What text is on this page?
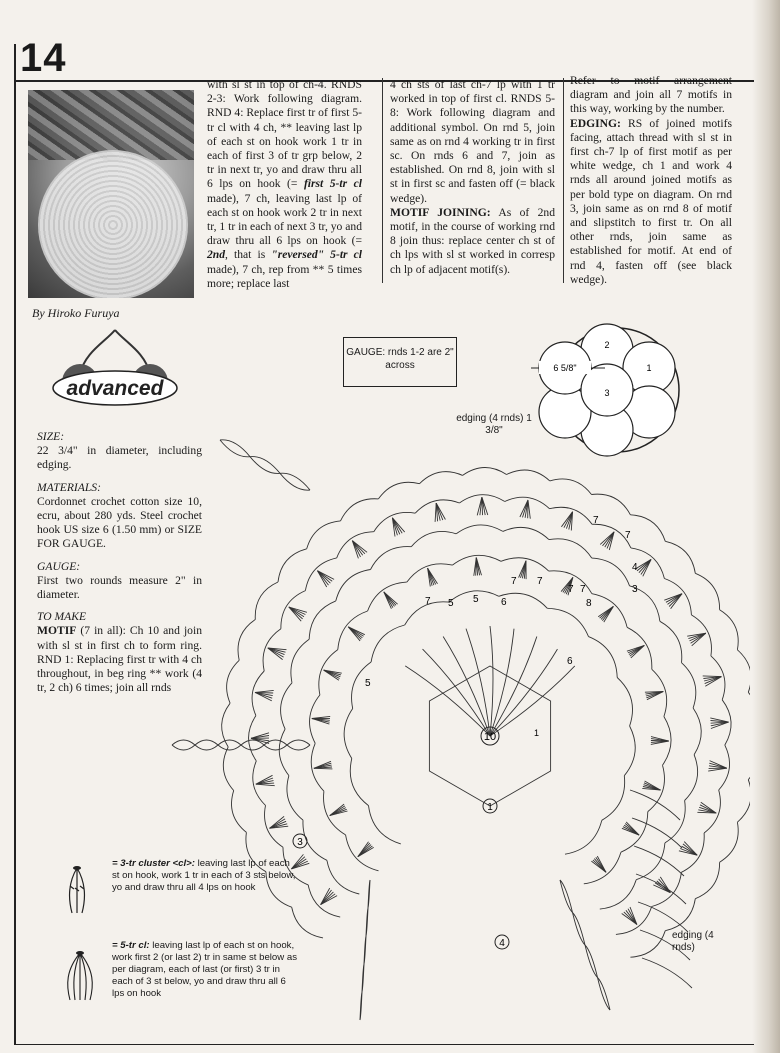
14
By Hiroko Furuya
advanced
SIZE:
22 3/4" in diameter, including edging.
MATERIALS:
Cordonnet crochet cotton size 10, ecru, about 280 yds. Steel crochet hook US size 6 (1.50 mm) or SIZE FOR GAUGE.
GAUGE:
First two rounds measure 2" in diameter.
TO MAKE
MOTIF (7 in all): Ch 10 and join with sl st in first ch to form ring. RND 1: Replacing first tr with 4 ch throughout, in beg ring ** work (4 tr, 2 ch) 6 times; join all rnds
with sl st in top of ch-4. RNDS 2-3: Work following diagram. RND 4: Replace first tr of first 5-tr cl with 4 ch, ** leaving last lp of each st on hook work 1 tr in each of first 3 of tr grp below, 2 tr in next tr, yo and draw thru all 6 lps on hook (= first 5-tr cl made), 7 ch, leaving last lp of each st on hook work 2 tr in next tr, 1 tr in each of next 3 tr, yo and draw thru all 6 lps on hook (= 2nd, that is "reversed" 5-tr cl made), 7 ch, rep from ** 5 times more; replace last
4 ch sts of last ch-7 lp with 1 tr worked in top of first cl. RNDS 5-8: Work following diagram and additional symbol. On rnd 5, join same as on rnd 4 working tr in first sc. On rnds 6 and 7, join as established. On rnd 8, join with sl st in first sc and fasten off (= black wedge).
MOTIF JOINING: As of 2nd motif, in the course of working rnd 8 join thus: replace center ch st of ch lps with sl st worked in corresp ch lp of adjacent motif(s).
Refer to motif arrangement diagram and join all 7 motifs in this way, working by the number.
EDGING: RS of joined motifs facing, attach thread with sl st in first ch-7 lp of first motif as per white wedge, ch 1 and work 4 rnds all around joined motifs as per bold type on diagram. On rnd 3, join same as on rnd 8 of motif and slipstitch to first tr. On all other rnds, join same as established for motif. At end of rnd 4, fasten off (see black wedge).
GAUGE: rnds 1-2 are 2" across
2
1
3
6 5/8"
edging (4 rnds) 1 3/8"
10
5
5	6
7 7
7
7
7
7
7
8
6
5
4
3
1
1
3
4
edging (4 rnds)
= 3-tr cluster <cl>: leaving last lp of each st on hook, work 1 tr in each of 3 sts below, yo and draw thru all 4 lps on hook
= 5-tr cl: leaving last lp of each st on hook, work first 2 (or last 2) tr in same st below as per diagram, each of last (or first) 3 tr in each of 3 st below, yo and draw thru all 6 lps on hook
